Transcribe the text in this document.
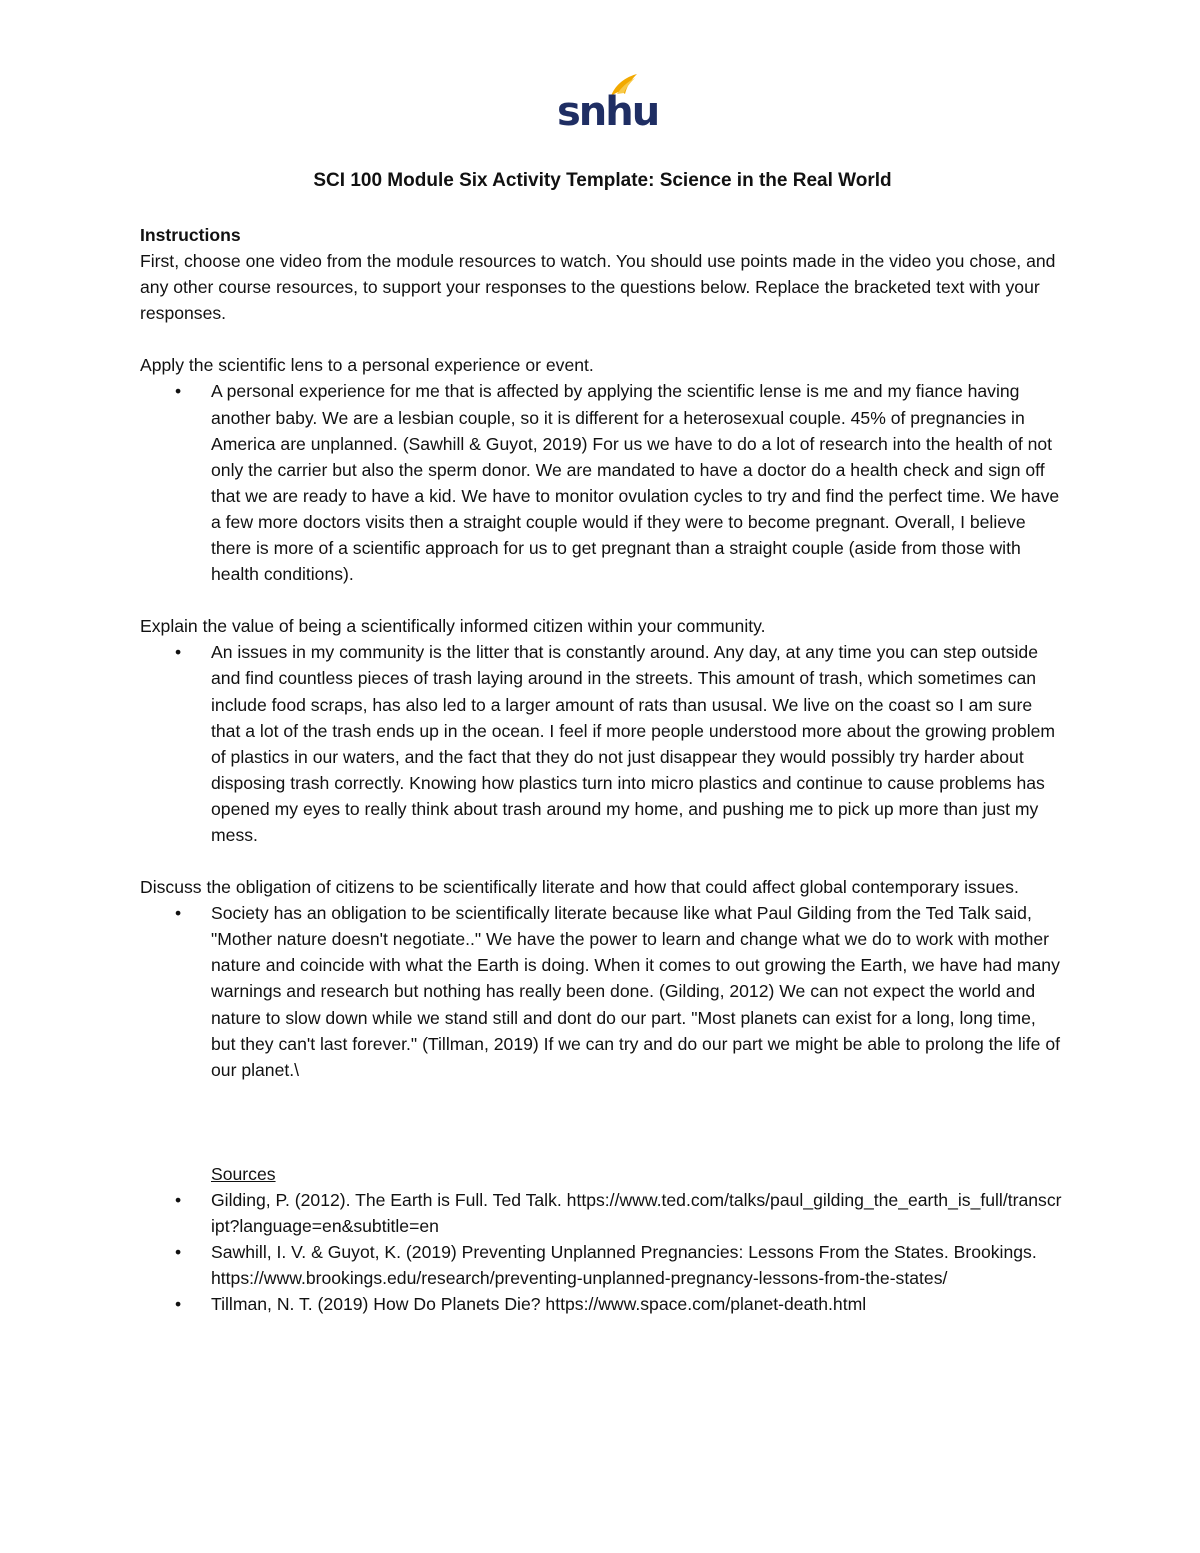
snhu
SCI 100 Module Six Activity Template: Science in the Real World

Instructions

First, choose one video from the module resources to watch. You should use points made in the video you chose, and any other course resources, to support your responses to the questions below. Replace the bracketed text with your responses.

Apply the scientific lens to a personal experience or event.

• A personal experience for me that is affected by applying the scientific lense is me and my fiance having another baby. We are a lesbian couple, so it is different for a heterosexual couple. 45% of pregnancies in America are unplanned. (Sawhill & Guyot, 2019) For us we have to do a lot of research into the health of not only the carrier but also the sperm donor. We are mandated to have a doctor do a health check and sign off that we are ready to have a kid. We have to monitor ovulation cycles to try and find the perfect time. We have a few more doctors visits then a straight couple would if they were to become pregnant. Overall, I believe there is more of a scientific approach for us to get pregnant than a straight couple (aside from those with health conditions).

Explain the value of being a scientifically informed citizen within your community.

• An issues in my community is the litter that is constantly around. Any day, at any time you can step outside and find countless pieces of trash laying around in the streets. This amount of trash, which sometimes can include food scraps, has also led to a larger amount of rats than ususal. We live on the coast so I am sure that a lot of the trash ends up in the ocean. I feel if more people understood more about the growing problem of plastics in our waters, and the fact that they do not just disappear they would possibly try harder about disposing trash correctly. Knowing how plastics turn into micro plastics and continue to cause problems has opened my eyes to really think about trash around my home, and pushing me to pick up more than just my mess.

Discuss the obligation of citizens to be scientifically literate and how that could affect global contemporary issues.

• Society has an obligation to be scientifically literate because like what Paul Gilding from the Ted Talk said, "Mother nature doesn't negotiate.." We have the power to learn and change what we do to work with mother nature and coincide with what the Earth is doing. When it comes to out growing the Earth, we have had many warnings and research but nothing has really been done. (Gilding, 2012) We can not expect the world and nature to slow down while we stand still and dont do our part. "Most planets can exist for a long, long time, but they can't last forever." (Tillman, 2019) If we can try and do our part we might be able to prolong the life of our planet.\

Sources

• Gilding, P. (2012). The Earth is Full. Ted Talk. https://www.ted.com/talks/paul_gilding_the_earth_is_full/transcript?language=en&subtitle=en
• Sawhill, I. V. & Guyot, K. (2019) Preventing Unplanned Pregnancies: Lessons From the States. Brookings. https://www.brookings.edu/research/preventing-unplanned-pregnancy-lessons-from-the-states/
• Tillman, N. T. (2019) How Do Planets Die? https://www.space.com/planet-death.html
